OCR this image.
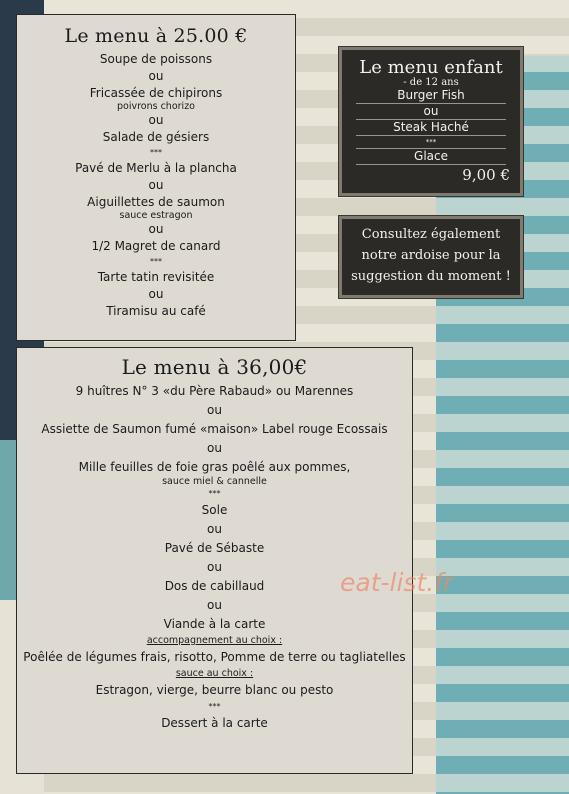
Le menu à 25.00 €

Soupe de poissons

ou

Fricassée de chipirons

poivrons chorizo

ou

Salade de gésiers

***

Pavé de Merlu à la plancha

ou

Aiguillettes de saumon

sauce estragon

ou

1/2 Magret de canard

***

Tarte tatin revisitée

ou

Tiramisu au café

Le menu à 36,00€

9 huîtres N° 3 «du Père Rabaud» ou Marennes

ou

Assiette de Saumon fumé «maison» Label rouge Ecossais

ou

Mille feuilles de foie gras poêlé aux pommes,

sauce miel & cannelle

***

Sole

ou

Pavé de Sébaste

ou

Dos de cabillaud

ou

Viande à la carte

accompagnement au choix :

Poêlée de légumes frais, risotto, Pomme de terre ou tagliatelles

sauce au choix :

Estragon, vierge, beurre blanc ou pesto

***

Dessert à la carte

Le menu enfant
- de 12 ans
Burger Fish
ou
Steak Haché
***
Glace
9,00 €
Consultez également
notre ardoise pour la
suggestion du moment !
eat-list.fr
